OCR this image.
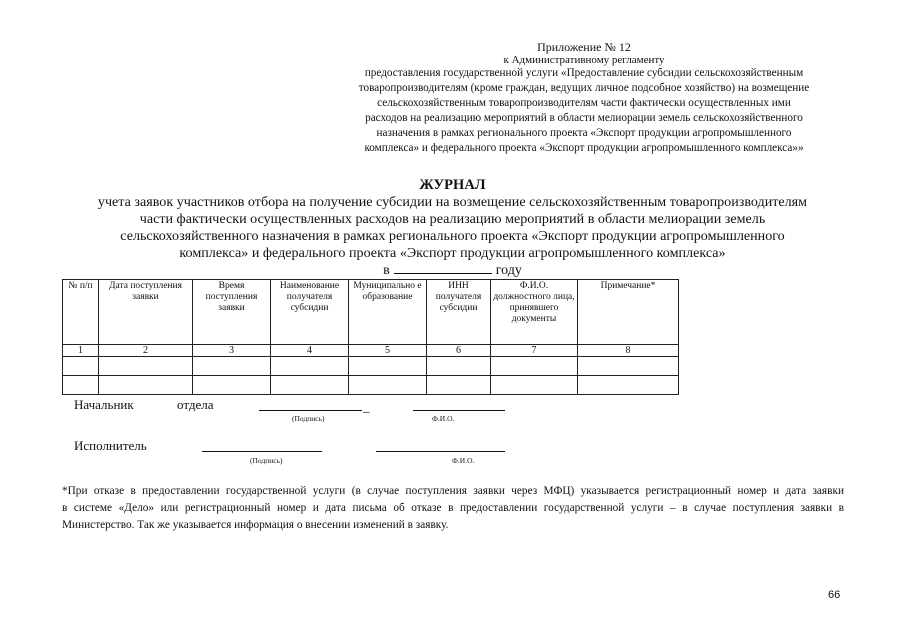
Приложение № 12
к Административному регламенту
предоставления государственной услуги «Предоставление субсидии сельскохозяйственным
товаропроизводителям (кроме граждан, ведущих личное подсобное хозяйство) на возмещение
сельскохозяйственным товаропроизводителям части фактически осуществленных ими
расходов на реализацию мероприятий в области мелиорации земель сельскохозяйственного
назначения в рамках регионального проекта «Экспорт продукции агропромышленного
комплекса» и федерального проекта «Экспорт продукции агропромышленного комплекса»»
ЖУРНАЛ
учета заявок участников отбора на получение субсидии на возмещение сельскохозяйственным товаропроизводителям
части фактически осуществленных расходов на реализацию мероприятий в области мелиорации земель
сельскохозяйственного назначения в рамках регионального проекта «Экспорт продукции агропромышленного
комплекса» и федерального проекта «Экспорт продукции агропромышленного комплекса»
в	году
№ п/п	Дата поступления заявки	Время поступления заявки	Наименование получателя субсидии	Муниципально е образование	ИНН получателя субсидии	Ф.И.О. должностного лица, принявшего документы	Примечание*
1	2	3	4	5	6	7	8

Начальник	отдела	_
(Подпись)	Ф.И.О.
Исполнитель
(Подпись)	Ф.И.О.
*При отказе в предоставлении государственной услуги (в случае поступления заявки через МФЦ) указывается регистрационный номер и дата заявки
в системе «Дело» или регистрационный номер и дата письма об отказе в предоставлении государственной услуги – в случае поступления заявки в
Министерство. Так же указывается информация о внесении изменений в заявку.
66
